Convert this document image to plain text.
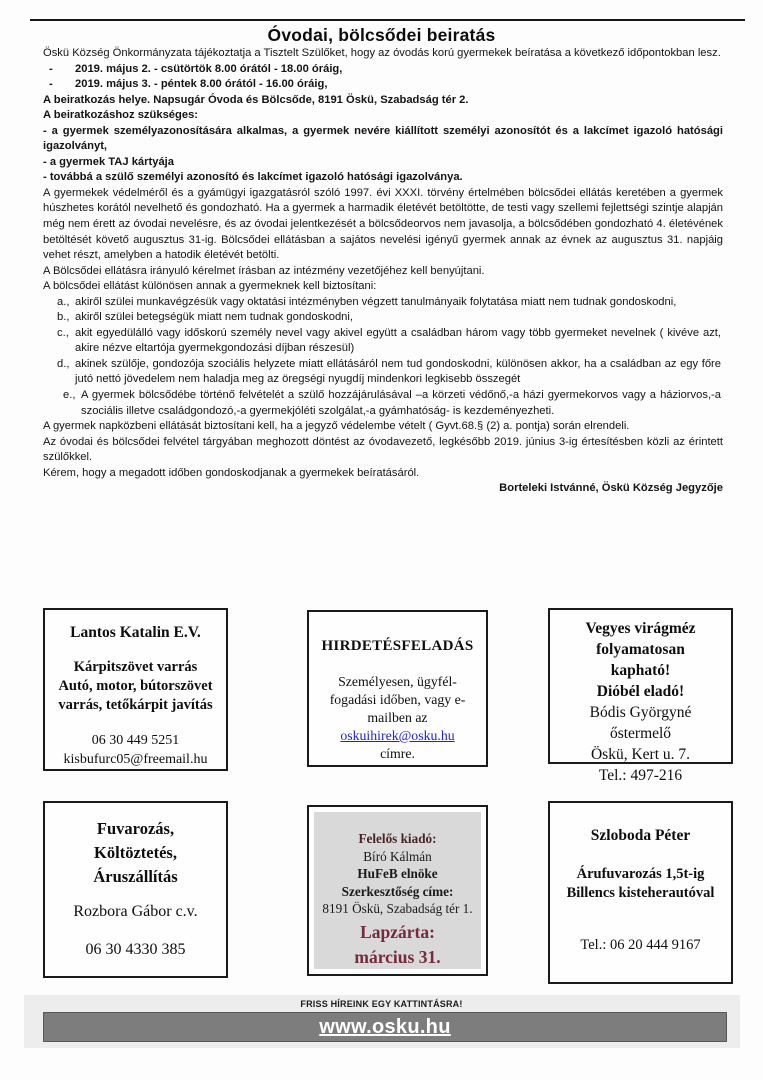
Óvodai, bölcsődei beiratás

Öskü Község Önkormányzata tájékoztatja a Tisztelt Szülőket, hogy az óvodás korú gyermekek beíratása a következő időpontokban lesz.

-	2019. május 2. - csütörtök 8.00 órától - 18.00 óráig,
-	2019. május 3. - péntek 8.00 órától - 16.00 óráig,

A beiratkozás helye. Napsugár Óvoda és Bölcsőde, 8191 Öskü, Szabadság tér 2.

A beiratkozáshoz szükséges:

- a gyermek személyazonosítására alkalmas, a gyermek nevére kiállított személyi azonosítót és a lakcímet igazoló hatósági igazolványt,

- a gyermek TAJ kártyája

- továbbá a szülő személyi azonosító és lakcímet igazoló hatósági igazolványa.

A gyermekek védelméről és a gyámügyi igazgatásról szóló 1997. évi XXXI. törvény értelmében bölcsődei ellátás keretében a gyermek húszhetes korától nevelhető és gondozható. Ha a gyermek a harmadik életévét betöltötte, de testi vagy szellemi fejlettségi szintje alapján még nem érett az óvodai nevelésre, és az óvodai jelentkezését a bölcsődeorvos nem javasolja, a bölcsődében gondozható 4. életévének betöltését követő augusztus 31-ig. Bölcsődei ellátásban a sajátos nevelési igényű gyermek annak az évnek az augusztus 31. napjáig vehet részt, amelyben a hatodik életévét betölti.

A Bölcsődei ellátásra irányuló kérelmet írásban az intézmény vezetőjéhez kell benyújtani.

A bölcsődei ellátást különösen annak a gyermeknek kell biztosítani:

a., akiről szülei munkavégzésük vagy oktatási intézményben végzett tanulmányaik folytatása miatt nem tudnak gondoskodni,
b., akiről szülei betegségük miatt nem tudnak gondoskodni,
c., akit egyedülálló vagy időskorú személy nevel vagy akivel együtt a családban három vagy több gyermeket nevelnek ( kivéve azt, akire nézve eltartója gyermekgondozási díjban részesül)
d., akinek szülője, gondozója szociális helyzete miatt ellátásáról nem tud gondoskodni, különösen akkor, ha a családban az egy főre jutó nettó jövedelem nem haladja meg az öregségi nyugdíj mindenkori legkisebb összegét
e., A gyermek bölcsődébe történő felvételét a szülő hozzájárulásával –a körzeti védőnő,-a házi gyermekorvos vagy a háziorvos,-a szociális illetve családgondozó,-a gyermekjóléti szolgálat,-a gyámhatóság- is kezdeményezheti.

A gyermek napközbeni ellátását biztosítani kell, ha a jegyző védelembe vételt ( Gyvt.68.§ (2) a. pontja) során elrendeli.

Az óvodai és bölcsődei felvétel tárgyában meghozott döntést az óvodavezető, legkésőbb 2019. június 3-ig értesítésben közli az érintett szülőkkel.

Kérem, hogy a megadott időben gondoskodjanak a gyermekek beíratásáról.

Borteleki Istvánné, Öskü Község Jegyzője

Lantos Katalin E.V.
Kárpitszövet varrás
Autó, motor, bútorszövet
varrás, tetőkárpit javítás
06 30 449 5251
kisbufurc05@freemail.hu
HIRDETÉSFELADÁS
Személyesen, ügyfél-fogadási időben, vagy e-mailben az
oskuihirek@osku.hu
címre.
Vegyes virágméz
folyamatosan
kapható!
Dióbél eladó!
Bódis Györgyné
őstermelő
Öskü, Kert u. 7.
Tel.: 497-216
Fuvarozás,
Költöztetés,
Áruszállítás
Rozbora Gábor c.v.
06 30 4330 385
Felelős kiadó:
Bíró Kálmán
HuFeB elnöke
Szerkesztőség címe:
8191 Öskü, Szabadság tér 1.
Lapzárta:
március 31.
Szloboda Péter
Árufuvarozás 1,5t-ig
Billencs kisteherautóval
Tel.: 06 20 444 9167
FRISS HÍREINK EGY KATTINTÁSRA!
www.osku.hu
